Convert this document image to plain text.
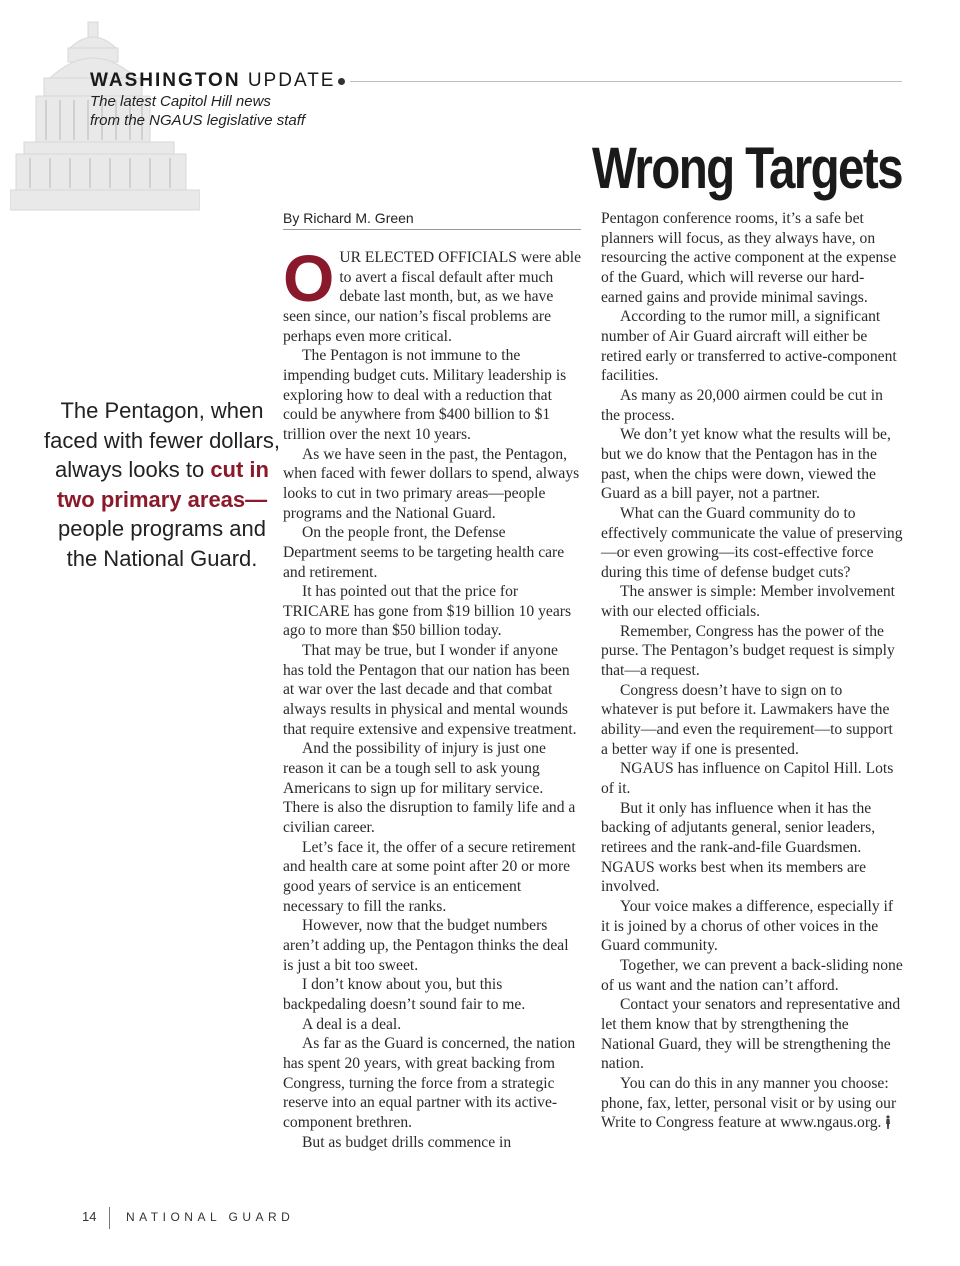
WASHINGTON UPDATE
The latest Capitol Hill news
from the NGAUS legislative staff
Wrong Targets
By Richard M. Green
The Pentagon, when faced with fewer dollars, always looks to cut in two primary areas— people programs and the National Guard.

OUR ELECTED OFFICIALS were able to avert a fiscal default after much debate last month, but, as we have seen since, our nation’s fiscal problems are perhaps even more critical.

The Pentagon is not immune to the impending budget cuts. Military leadership is exploring how to deal with a reduction that could be anywhere from $400 billion to $1 trillion over the next 10 years.

As we have seen in the past, the Pentagon, when faced with fewer dollars to spend, always looks to cut in two primary areas—people programs and the National Guard.

On the people front, the Defense Department seems to be targeting health care and retirement.

It has pointed out that the price for TRICARE has gone from $19 billion 10 years ago to more than $50 billion today.

That may be true, but I wonder if anyone has told the Pentagon that our nation has been at war over the last decade and that combat always results in physical and mental wounds that require extensive and expensive treatment.

And the possibility of injury is just one reason it can be a tough sell to ask young Americans to sign up for military service. There is also the disruption to family life and a civilian career.

Let’s face it, the offer of a secure retirement and health care at some point after 20 or more good years of service is an enticement necessary to fill the ranks.

However, now that the budget numbers aren’t adding up, the Pentagon thinks the deal is just a bit too sweet.

I don’t know about you, but this backpedaling doesn’t sound fair to me.

A deal is a deal.

As far as the Guard is concerned, the nation has spent 20 years, with great backing from Congress, turning the force from a strategic reserve into an equal partner with its active-component brethren.

But as budget drills commence in

Pentagon conference rooms, it’s a safe bet planners will focus, as they always have, on resourcing the active component at the expense of the Guard, which will reverse our hard-earned gains and provide minimal savings.

According to the rumor mill, a significant number of Air Guard aircraft will either be retired early or transferred to active-component facilities.

As many as 20,000 airmen could be cut in the process.

We don’t yet know what the results will be, but we do know that the Pentagon has in the past, when the chips were down, viewed the Guard as a bill payer, not a partner.

What can the Guard community do to effectively communicate the value of preserving—or even growing—its cost-effective force during this time of defense budget cuts?

The answer is simple: Member involvement with our elected officials.

Remember, Congress has the power of the purse. The Pentagon’s budget request is simply that—a request.

Congress doesn’t have to sign on to whatever is put before it. Lawmakers have the ability—and even the requirement—to support a better way if one is presented.

NGAUS has influence on Capitol Hill. Lots of it.

But it only has influence when it has the backing of adjutants general, senior leaders, retirees and the rank-and-file Guardsmen. NGAUS works best when its members are involved.

Your voice makes a difference, especially if it is joined by a chorus of other voices in the Guard community.

Together, we can prevent a back-sliding none of us want and the nation can’t afford.

Contact your senators and representative and let them know that by strengthening the National Guard, they will be strengthening the nation.

You can do this in any manner you choose: phone, fax, letter, personal visit or by using our Write to Congress feature at www.ngaus.org.

14 NATIONAL GUARD
